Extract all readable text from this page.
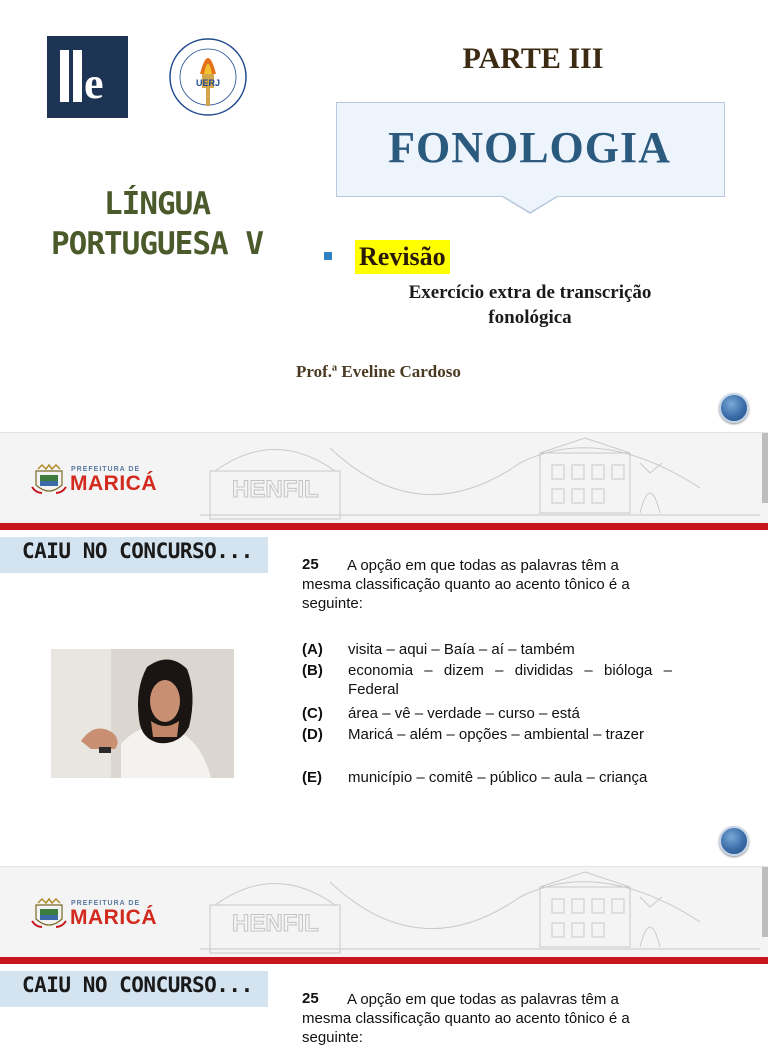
e	UERJ
PARTE III
FONOLOGIA
LÍNGUA
PORTUGUESA V	Revisão
Exercício extra de transcrição
fonológica
Prof.ª Eveline Cardoso
HENFIL
PREFEITURA DE
MARICÁ
CAIU NO CONCURSO...
25	A opção em que todas as palavras têm a mesma classificação quanto ao acento tônico é a seguinte:
(A) visita – aqui – Baía – aí – também
(B) economia – dizem – divididas – bióloga – Federal
(C) área – vê – verdade – curso – está
(D) Maricá – além – opções – ambiental – trazer
(E) município – comitê – público – aula – criança
HENFIL
PREFEITURA DE
MARICÁ
CAIU NO CONCURSO...
25	A opção em que todas as palavras têm a mesma classificação quanto ao acento tônico é a seguinte:
